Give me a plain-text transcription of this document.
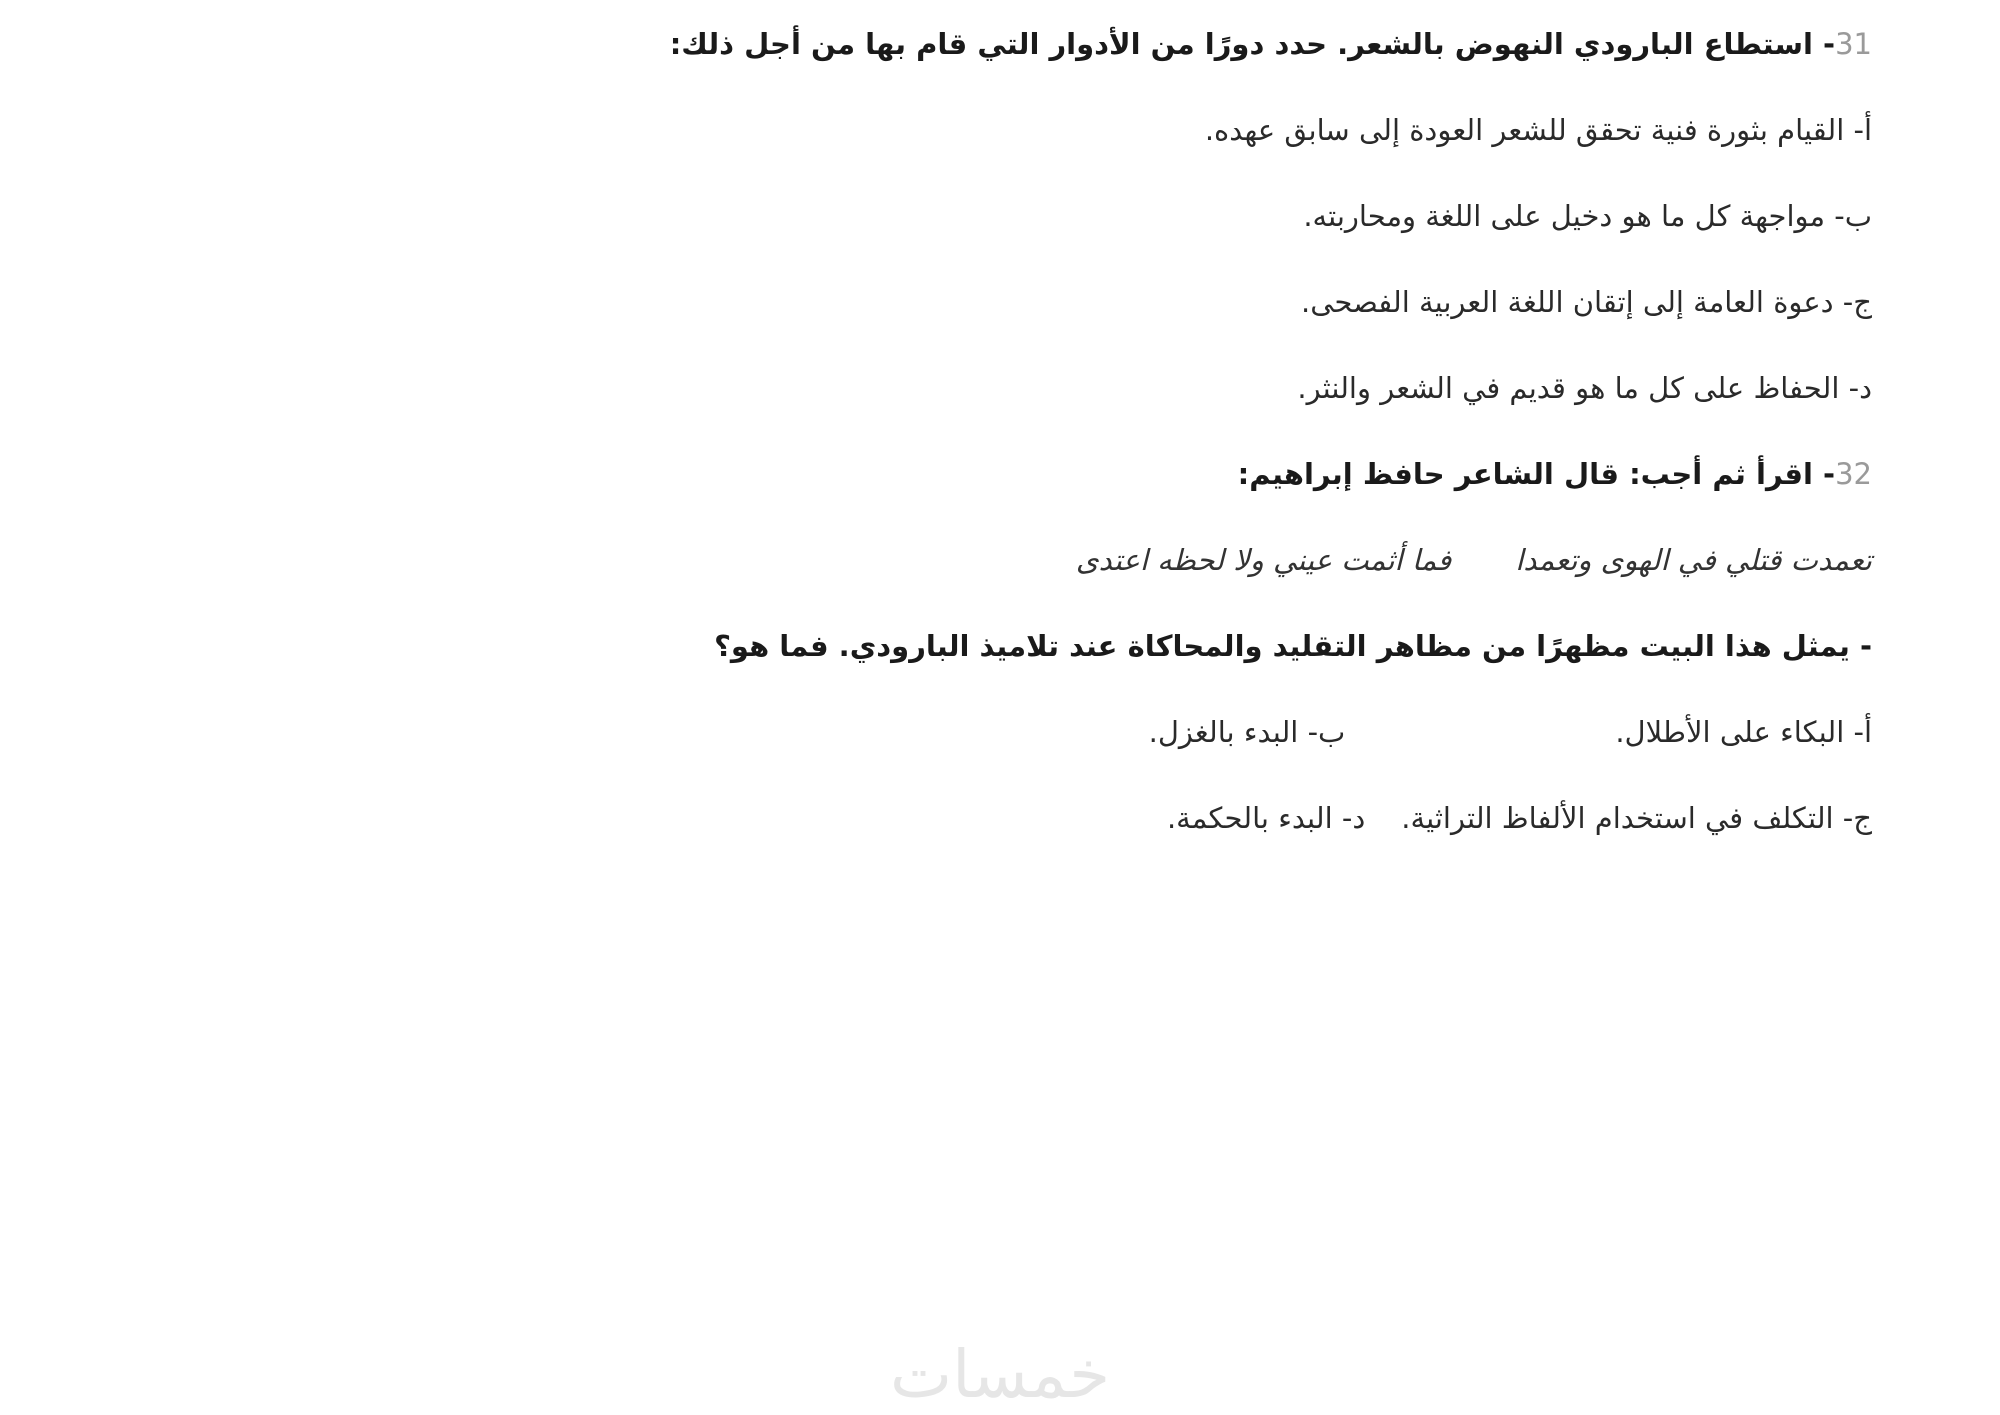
31- استطاع البارودي النهوض بالشعر. حدد دورًا من الأدوار التي قام بها من أجل ذلك:
أ- القيام بثورة فنية تحقق للشعر العودة إلى سابق عهده.
ب- مواجهة كل ما هو دخيل على اللغة ومحاربته.
ج- دعوة العامة إلى إتقان اللغة العربية الفصحى.
د- الحفاظ على كل ما هو قديم في الشعر والنثر.
32- اقرأ ثم أجب: قال الشاعر حافظ إبراهيم:
تعمدت قتلي في الهوى وتعمدافما أثمت عيني ولا لحظه اعتدى
- يمثل هذا البيت مظهرًا من مظاهر التقليد والمحاكاة عند تلاميذ البارودي. فما هو؟
أ- البكاء على الأطلال.ب- البدء بالغزل.
ج- التكلف في استخدام الألفاظ التراثية.د- البدء بالحكمة.
خمسات
